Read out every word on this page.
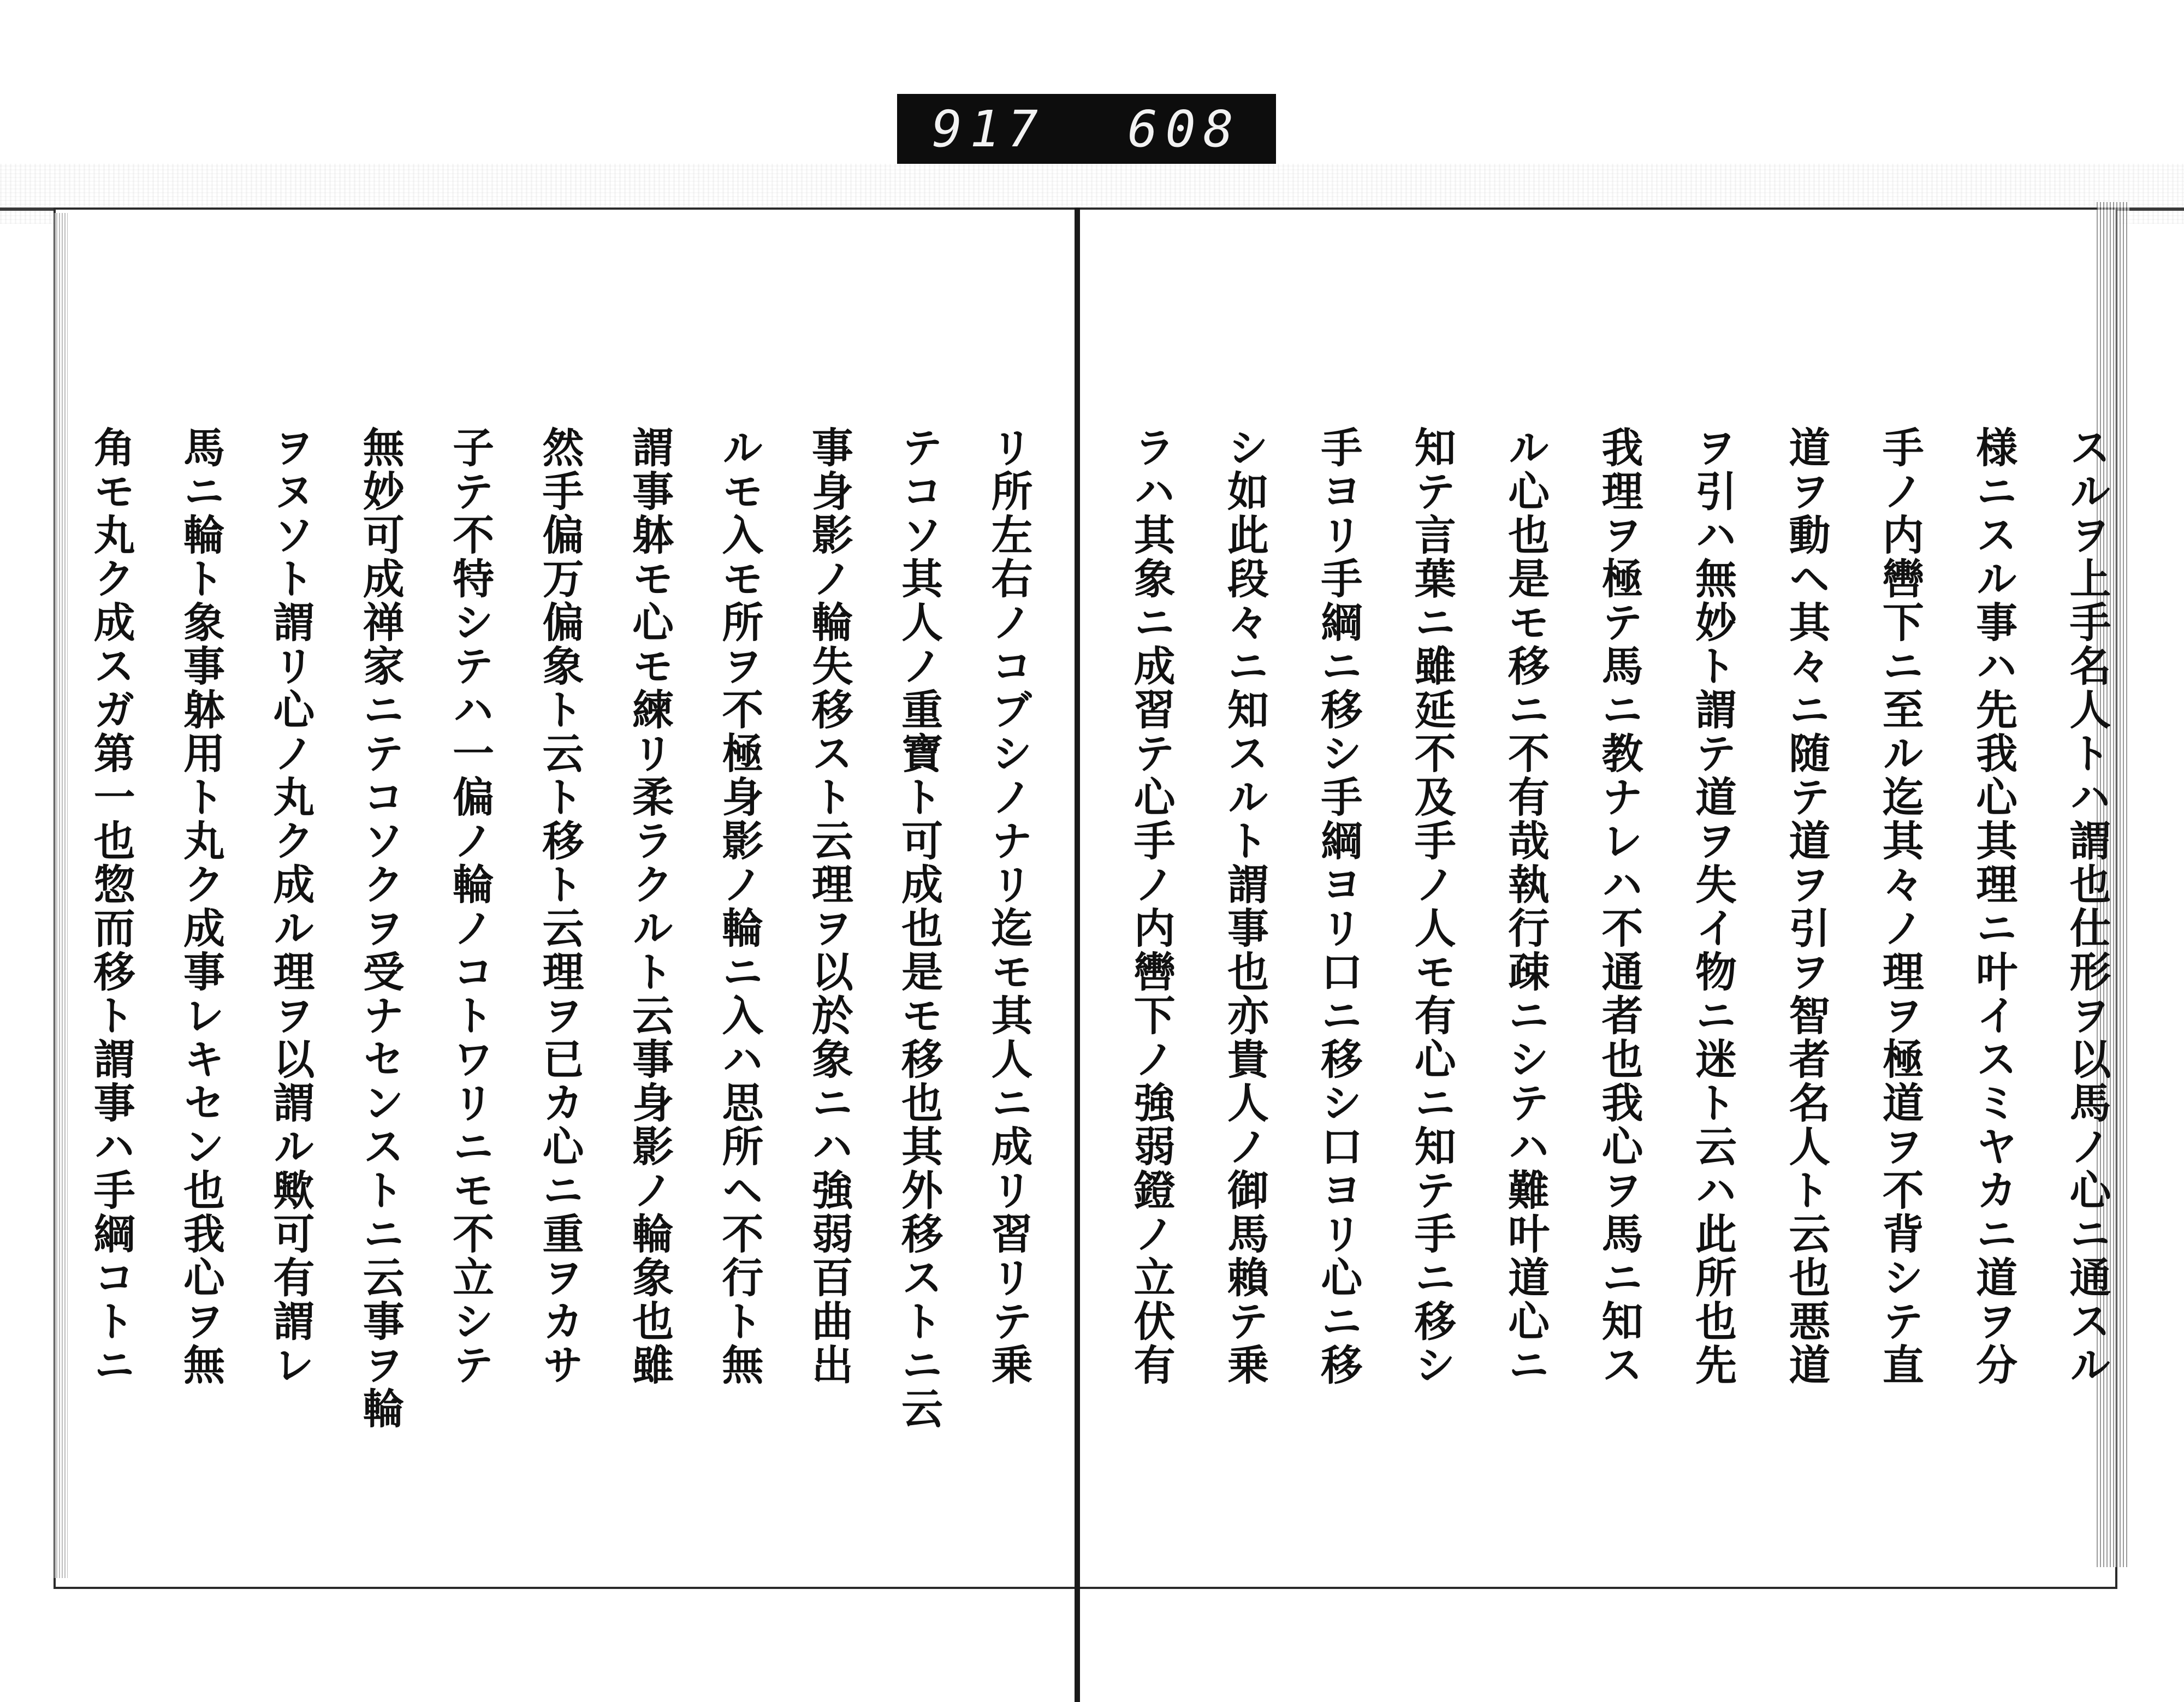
917 608
スルヲ上手名人トハ謂也仕形ヲ以馬ノ心ニ通スル
様ニスル事ハ先我心其理ニ叶イスミヤカニ道ヲ分
手ノ内轡下ニ至ル迄其々ノ理ヲ極道ヲ不背シテ直
道ヲ動ヘ其々ニ随テ道ヲ引ヲ智者名人ト云也悪道
ヲ引ハ無妙ト謂テ道ヲ失イ物ニ迷ト云ハ此所也先
我理ヲ極テ馬ニ教ナレハ不通者也我心ヲ馬ニ知ス
ル心也是モ移ニ不有哉執行疎ニシテハ難叶道心ニ
知テ言葉ニ雖延不及手ノ人モ有心ニ知テ手ニ移シ
手ヨリ手綱ニ移シ手綱ヨリ口ニ移シ口ヨリ心ニ移
シ如此段々ニ知スルト謂事也亦貴人ノ御馬賴テ乗
ラハ其象ニ成習テ心手ノ内轡下ノ強弱鐙ノ立伏有
リ所左右ノコブシノナリ迄モ其人ニ成リ習リテ乗
テコソ其人ノ重寶ト可成也是モ移也其外移ストニ云
事身影ノ輪失移スト云理ヲ以於象ニハ強弱百曲出
ルモ入モ所ヲ不極身影ノ輪ニ入ハ思所ヘ不行ト無
謂事躰モ心モ練リ柔ラクルト云事身影ノ輪象也雖
然手偏万偏象ト云ト移ト云理ヲ已カ心ニ重ヲカサ
子テ不特シテハ一偏ノ輪ノコトワリニモ不立シテ
無妙可成禅家ニテコソクヲ受ナセンストニ云事ヲ輪
ヲヌソト謂リ心ノ丸ク成ル理ヲ以謂ル歟可有謂レ
馬ニ輪ト象事躰用ト丸ク成事レキセン也我心ヲ無
角モ丸ク成スガ第一也惣而移ト謂事ハ手綱コトニ
